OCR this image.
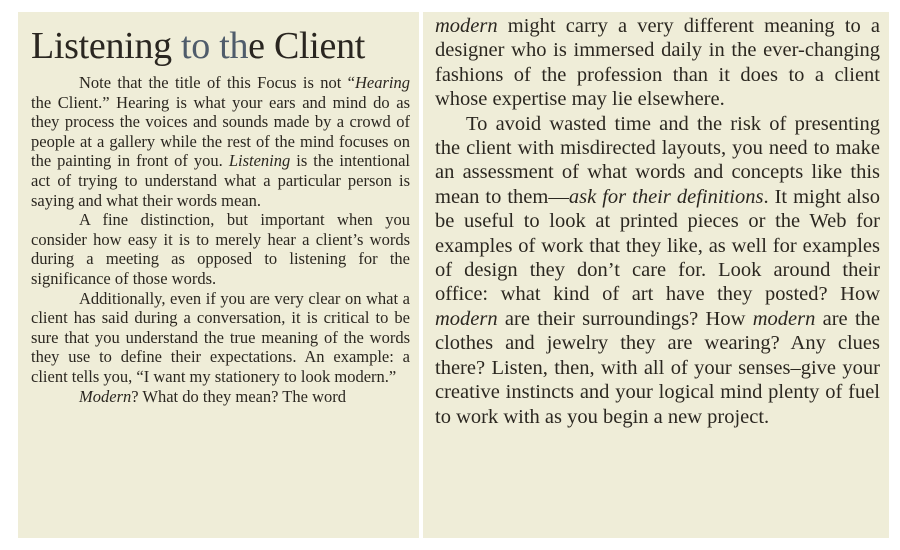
Listening to the Client

Note that the title of this Focus is not “Hearing the Client.” Hearing is what your ears and mind do as they process the voices and sounds made by a crowd of people at a gallery while the rest of the mind focuses on the painting in front of you. Listening is the intentional act of trying to understand what a particular person is saying and what their words mean.

A fine distinction, but important when you consider how easy it is to merely hear a client’s words during a meeting as opposed to listening for the significance of those words.

Additionally, even if you are very clear on what a client has said during a conversation, it is critical to be sure that you understand the true meaning of the words they use to define their expectations. An example: a client tells you, “I want my stationery to look modern.”

Modern? What do they mean? The word

modern might carry a very different meaning to a designer who is immersed daily in the ever-changing fashions of the profession than it does to a client whose expertise may lie elsewhere.

To avoid wasted time and the risk of presenting the client with misdirected layouts, you need to make an assessment of what words and concepts like this mean to them—ask for their definitions. It might also be useful to look at printed pieces or the Web for examples of work that they like, as well for examples of design they don’t care for. Look around their office: what kind of art have they posted? How modern are their surroundings? How modern are the clothes and jewelry they are wearing? Any clues there? Listen, then, with all of your senses–give your creative instincts and your logical mind plenty of fuel to work with as you begin a new project.
